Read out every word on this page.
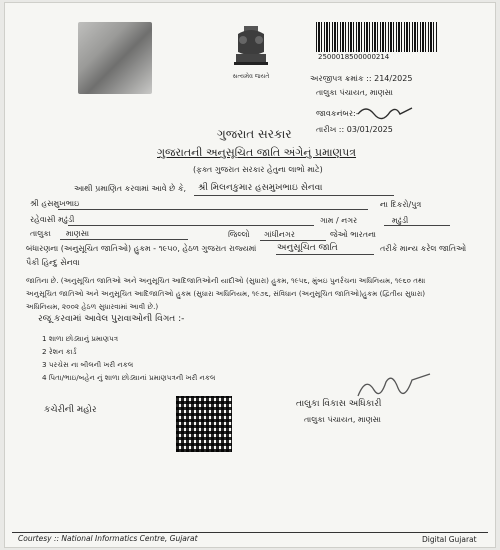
સત્યમેવ જયતે
2500018500000214
અરજીપત્ર ક્રમાંક :: 214/2025
તાલુકા પંચાયત, માણસા
જાવકનંબર:-
તારીખ :: 03/01/2025
ગુજરાત સરકાર
ગુજરાતની અનુસૂચિત જાતિ અંગેનું પ્રમાણપત્ર
(ફક્ત ગુજરાત સરકાર હેતુના લાભો માટે)
આથી પ્રમાણિત કરવામાં આવે છે કે, શ્રી મિલનકુમાર હસમુખભાઇ સેનવા
શ્રી હસમુખભાઇ	ના દિકરો/પુત્ર
રહેવાસી મઢુંડી	ગામ / નગર	મઢુંડી
તાલુકા માણસા	જિલ્લો ગાંધીનગર	જેઓ ભારતના
બંધારણના (અનુસૂચિત જાતિઓ) હુકમ - ૧૯૫૦, હેઠળ ગુજરાત રાજ્યમાં અનુસૂચિત જાતિ	તરીકે માન્ય કરેલ જાતિઓ
પૈકી હિન્દુ સેનવા
જાતિના છે. (અનુસૂચિત જાતિઓ અને અનુસૂચિત આદિજાતિઓની યાદીઓ (સુધારા) હુકમ, ૧૯૫૬, મુંબઇ પુનર્રચના અધિનિયમ, ૧૯૬૦ તથા
અનુસૂચિત જાતિઓ અને અનુસૂચિત આદિજાતિઓ હુકમ (સુધારા અધિનિયમ, ૧૯૭૬, સંવિધાન (અનુસૂચિત જાતિઓ)હુકમ (દ્વિતીય સુધારા)
અધિનિયમ, ૨૦૦૨ હેઠળ સુધારવામાં આવી છે.)
રજૂ કરવામાં આવેલ પુરાવાઓની વિગત :-
1 શાળા છોડ્યાનું પ્રમાણપત્ર
2 રેશન કાર્ડ
3 પરચેસ ના બીલની ખરી નકલ
4 પિતા/ભાઇ/બહેન નું શાળા છોડ્યાનાં પ્રમાણપત્રની ખરી નકલ
કચેરીની મહોર
તાલુકા વિકાસ અધિકારી
તાલુકા પંચાયત, માણસા
Courtesy :: National Informatics Centre, Gujarat	Digital Gujarat
